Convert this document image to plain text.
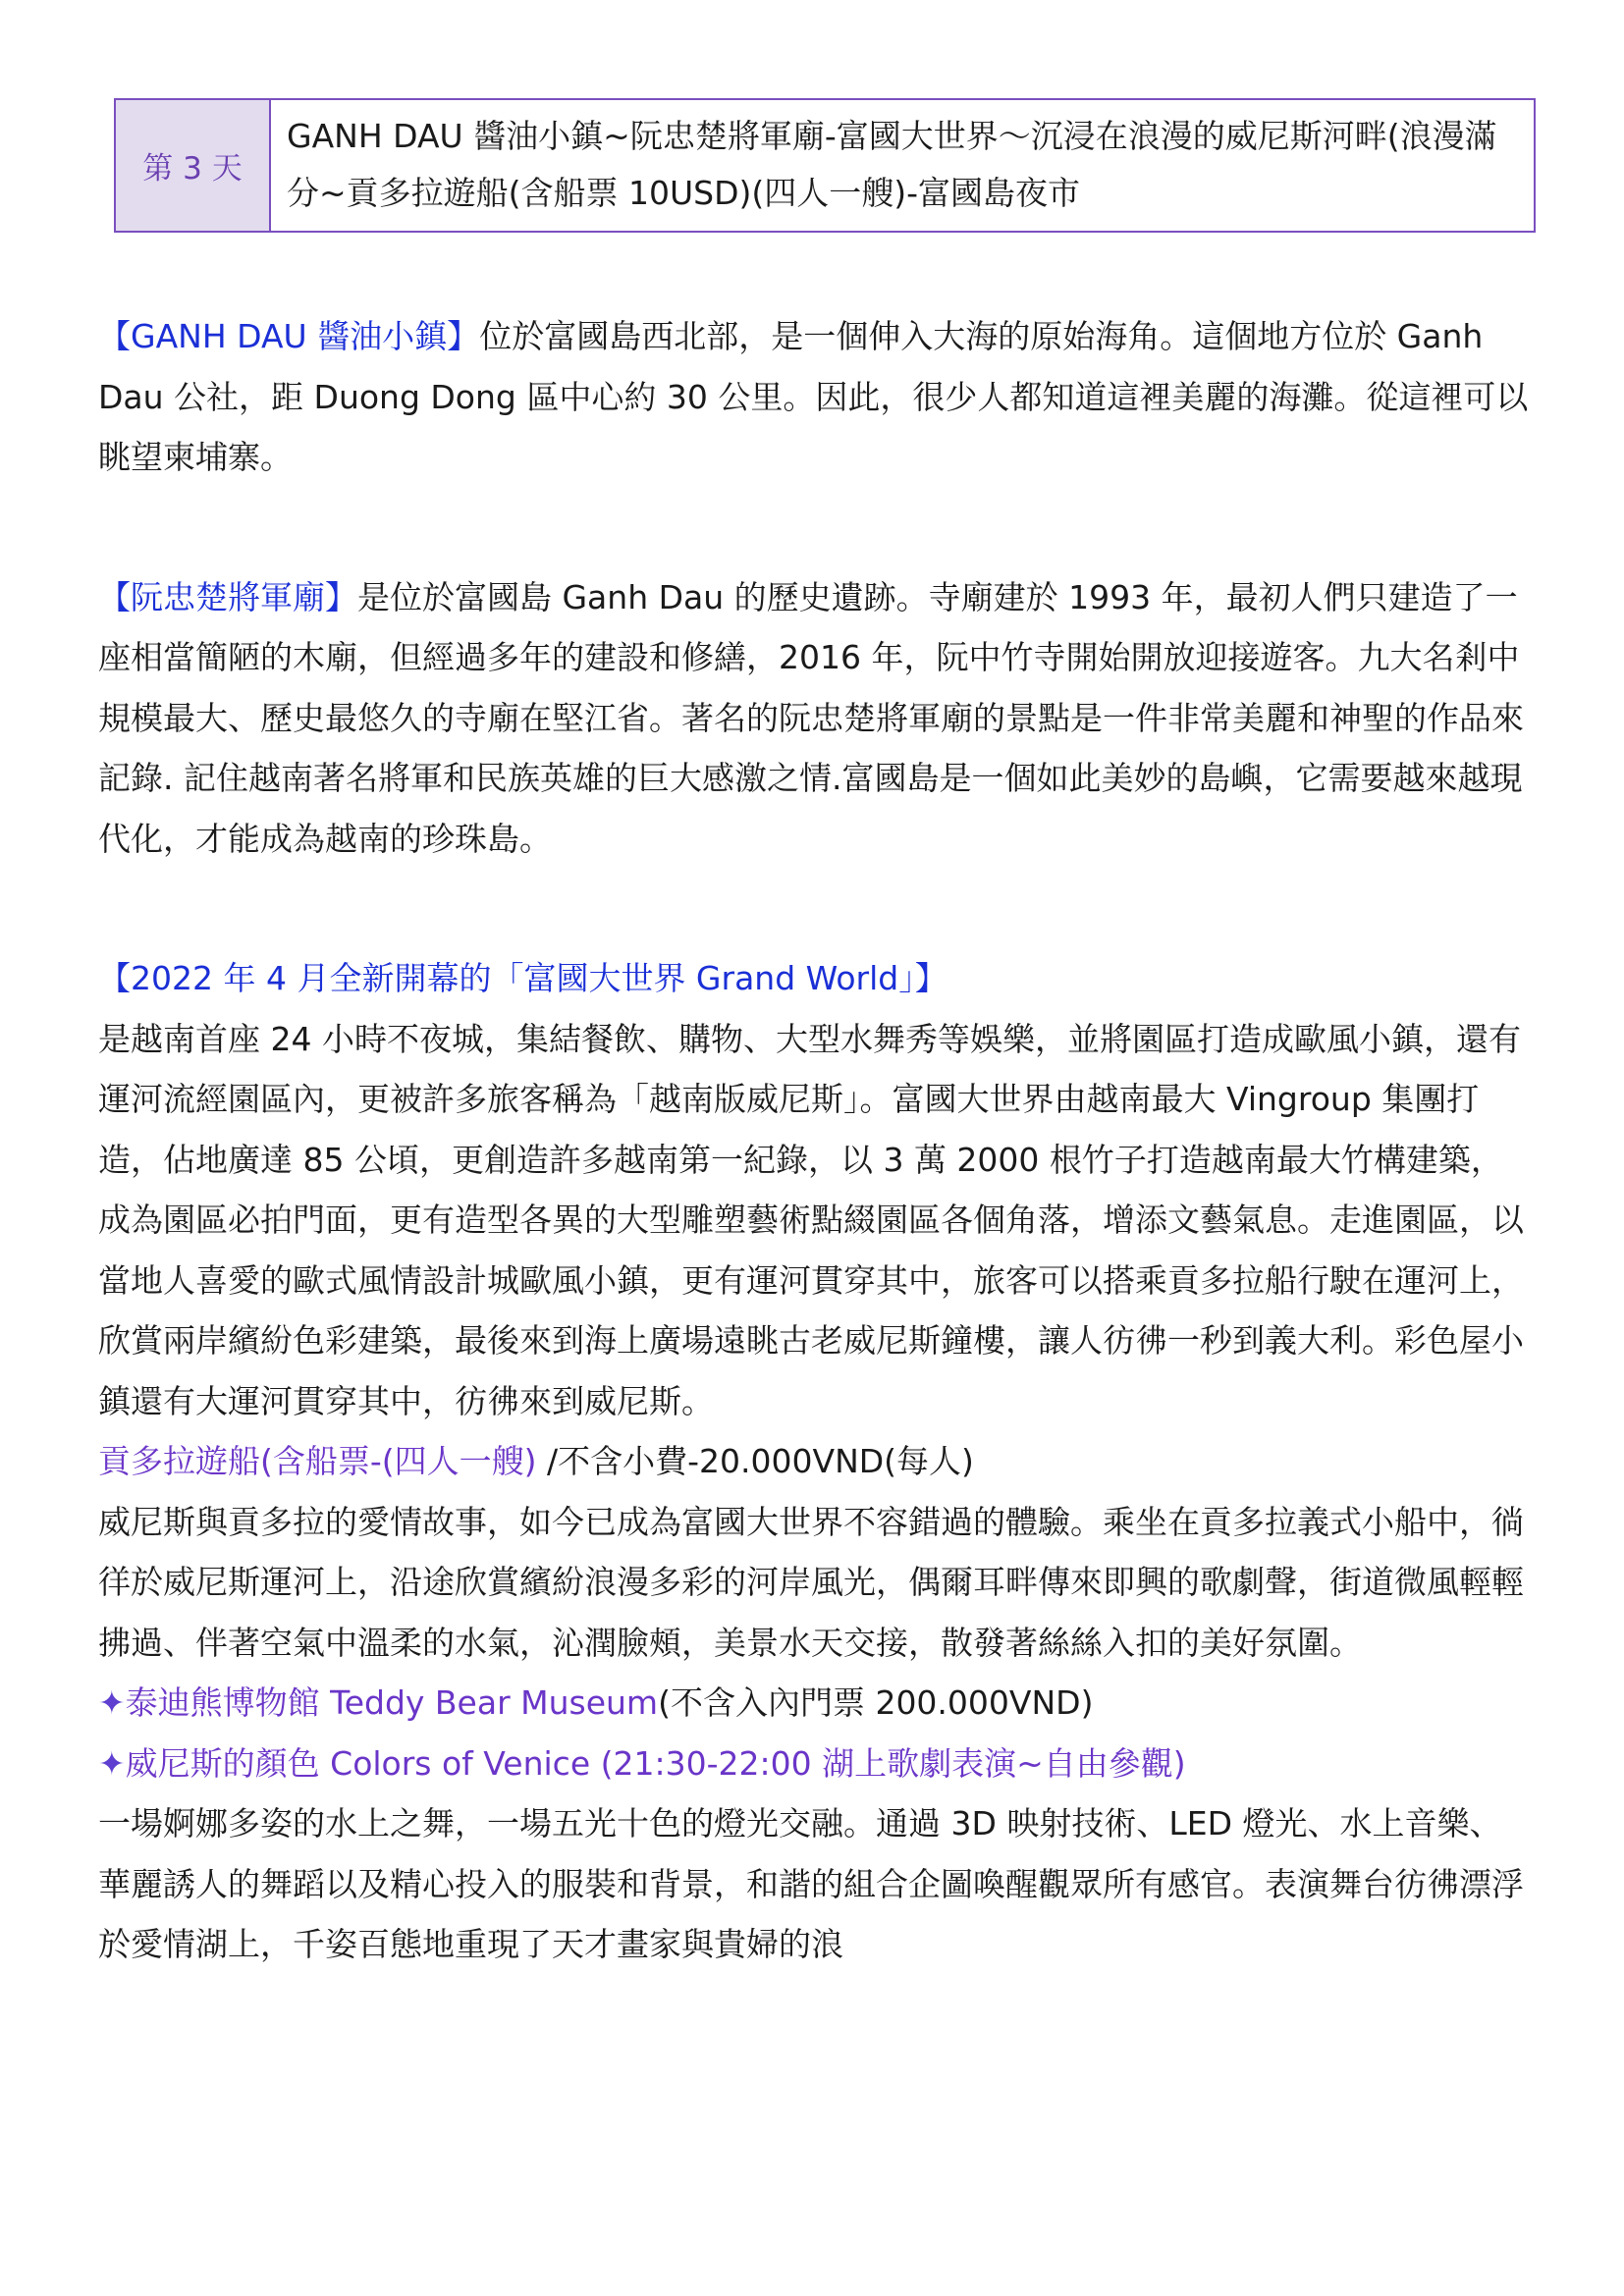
第 3 天
GANH DAU 醬油小鎮~阮忠楚將軍廟-富國大世界～沉浸在浪漫的威尼斯河畔(浪漫滿分~貢多拉遊船(含船票 10USD)(四人一艘)-富國島夜市

【GANH DAU 醬油小鎮】位於富國島西北部，是一個伸入大海的原始海角。這個地方位於 Ganh Dau 公社，距 Duong Dong 區中心約 30 公里。因此，很少人都知道這裡美麗的海灘。從這裡可以眺望柬埔寨。

【阮忠楚將軍廟】是位於富國島 Ganh Dau 的歷史遺跡。寺廟建於 1993 年，最初人們只建造了一座相當簡陋的木廟，但經過多年的建設和修繕，2016 年，阮中竹寺開始開放迎接遊客。九大名剎中規模最大、歷史最悠久的寺廟在堅江省。著名的阮忠楚將軍廟的景點是一件非常美麗和神聖的作品來記錄. 記住越南著名將軍和民族英雄的巨大感激之情.富國島是一個如此美妙的島嶼，它需要越來越現代化，才能成為越南的珍珠島。

【2022 年 4 月全新開幕的「富國大世界 Grand World」】

是越南首座 24 小時不夜城，集結餐飲、購物、大型水舞秀等娛樂，並將園區打造成歐風小鎮，還有運河流經園區內，更被許多旅客稱為「越南版威尼斯」。富國大世界由越南最大 Vingroup 集團打造，佔地廣達 85 公頃，更創造許多越南第一紀錄，以 3 萬 2000 根竹子打造越南最大竹構建築，成為園區必拍門面，更有造型各異的大型雕塑藝術點綴園區各個角落，增添文藝氣息。走進園區，以當地人喜愛的歐式風情設計城歐風小鎮，更有運河貫穿其中，旅客可以搭乘貢多拉船行駛在運河上，欣賞兩岸繽紛色彩建築，最後來到海上廣場遠眺古老威尼斯鐘樓，讓人彷彿一秒到義大利。彩色屋小鎮還有大運河貫穿其中，彷彿來到威尼斯。

貢多拉遊船(含船票-(四人一艘) /不含小費-20.000VND(每人)

威尼斯與貢多拉的愛情故事，如今已成為富國大世界不容錯過的體驗。乘坐在貢多拉義式小船中，徜徉於威尼斯運河上，沿途欣賞繽紛浪漫多彩的河岸風光，偶爾耳畔傳來即興的歌劇聲，街道微風輕輕拂過、伴著空氣中溫柔的水氣，沁潤臉頰，美景水天交接，散發著絲絲入扣的美好氛圍。

✦泰迪熊博物館 Teddy Bear Museum(不含入內門票 200.000VND)

✦威尼斯的顏色 Colors of Venice (21:30-22:00 湖上歌劇表演~自由參觀)

一場婀娜多姿的水上之舞，一場五光十色的燈光交融。通過 3D 映射技術、LED 燈光、水上音樂、華麗誘人的舞蹈以及精心投入的服裝和背景，和諧的組合企圖喚醒觀眾所有感官。表演舞台彷彿漂浮於愛情湖上，千姿百態地重現了天才畫家與貴婦的浪
